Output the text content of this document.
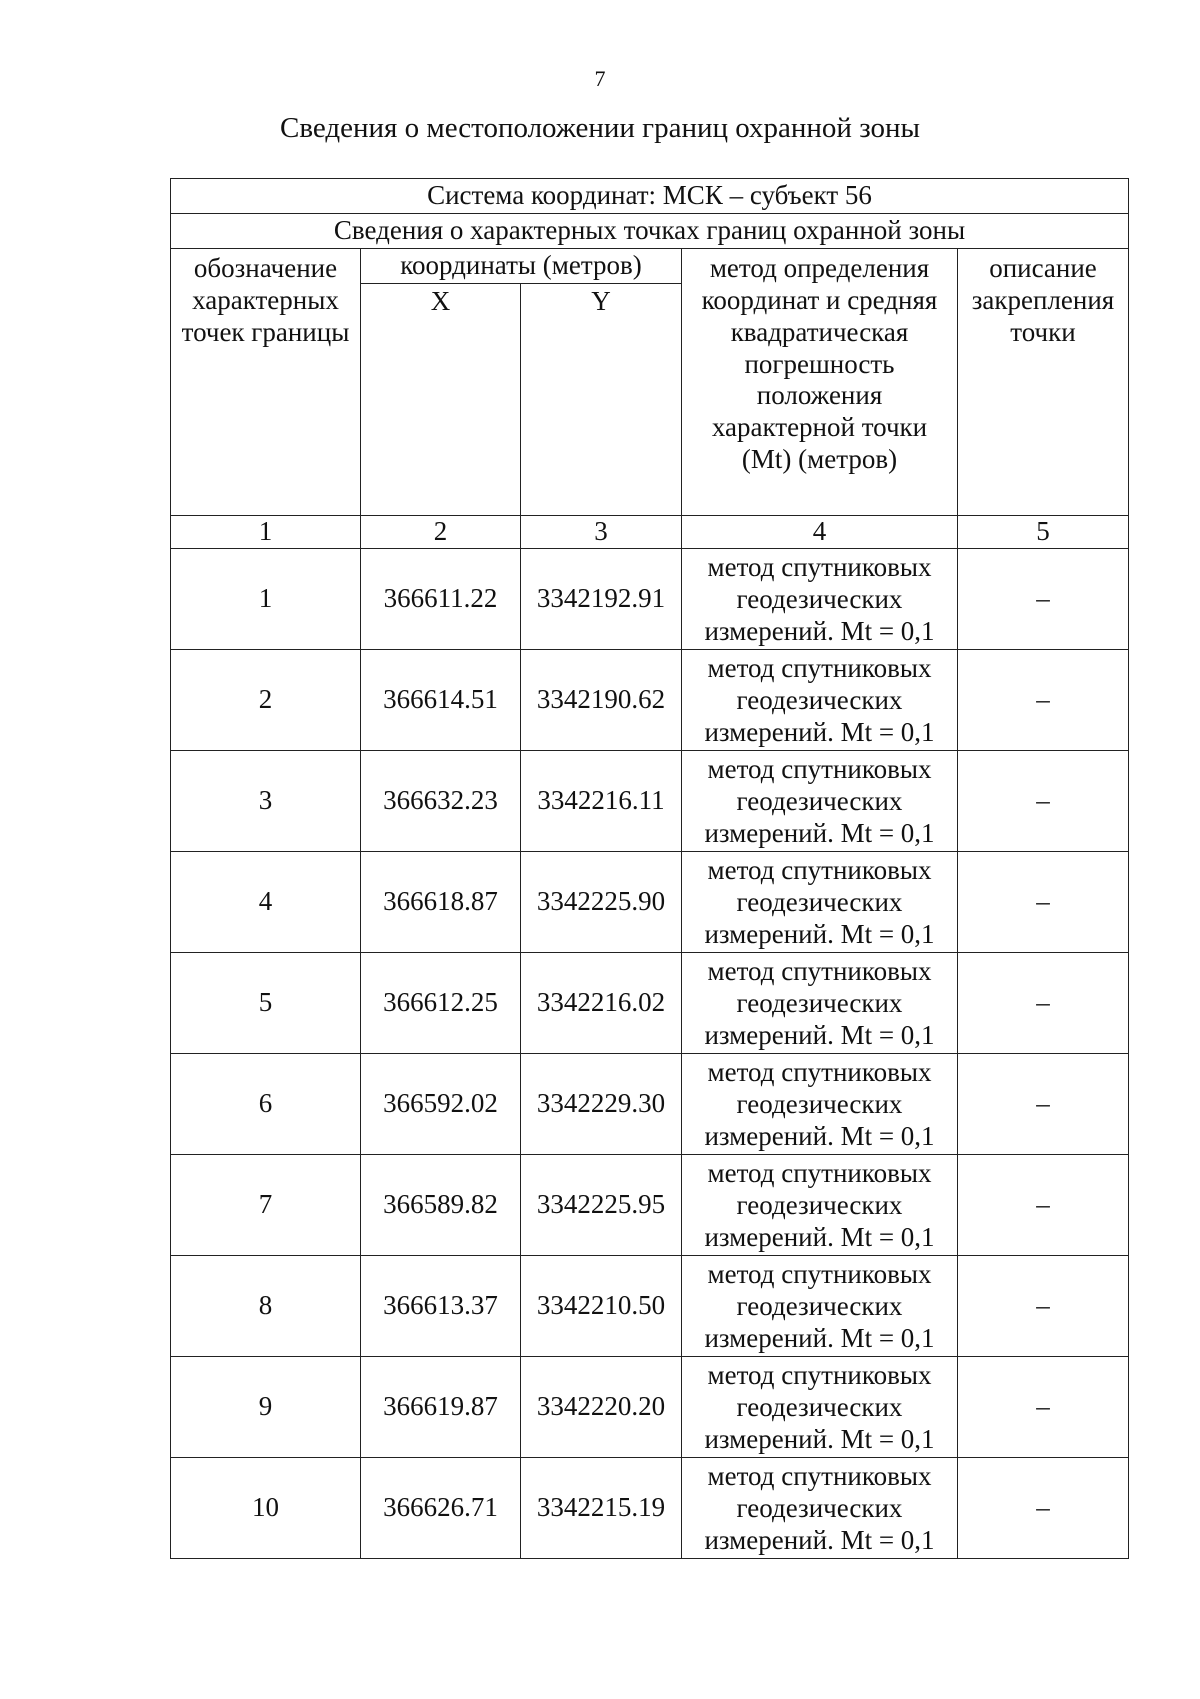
7
Сведения о местоположении границ охранной зоны
Система координат: МСК – субъект 56				
Сведения о характерных точках границ охранной зоны				
обозначение характерных точек границы	координаты (метров)		метод определения координат и средняя квадратическая погрешность положения характерной точки (Mt) (метров)	описание закрепления точки
	X	Y		
1	2	3	4	5
1	366611.22	3342192.91	метод спутниковых геодезических измерений. Mt = 0,1	–
2	366614.51	3342190.62	метод спутниковых геодезических измерений. Mt = 0,1	–
3	366632.23	3342216.11	метод спутниковых геодезических измерений. Mt = 0,1	–
4	366618.87	3342225.90	метод спутниковых геодезических измерений. Mt = 0,1	–
5	366612.25	3342216.02	метод спутниковых геодезических измерений. Mt = 0,1	–
6	366592.02	3342229.30	метод спутниковых геодезических измерений. Mt = 0,1	–
7	366589.82	3342225.95	метод спутниковых геодезических измерений. Mt = 0,1	–
8	366613.37	3342210.50	метод спутниковых геодезических измерений. Mt = 0,1	–
9	366619.87	3342220.20	метод спутниковых геодезических измерений. Mt = 0,1	–
10	366626.71	3342215.19	метод спутниковых геодезических измерений. Mt = 0,1	–
